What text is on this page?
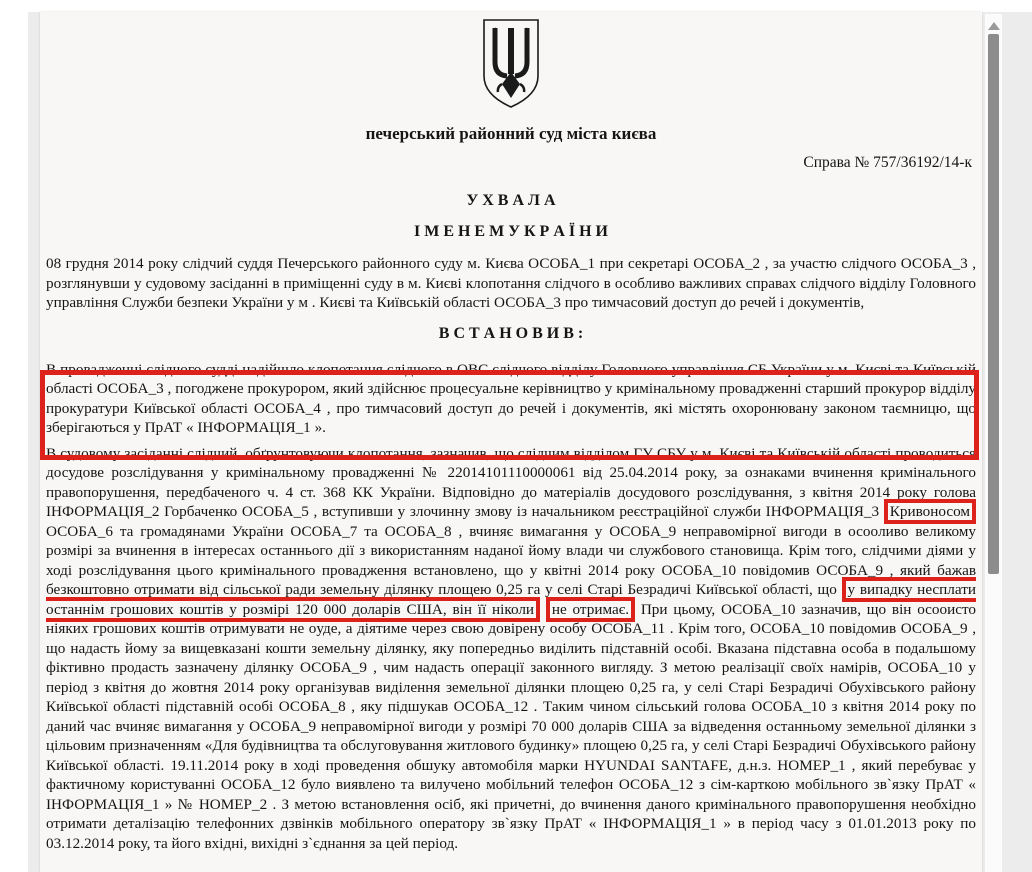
печерський районний суд міста києва
Справа № 757/36192/14-к
У Х В А Л А
І М Е Н Е М У К Р А Ї Н И

08 грудня 2014 року слідчий суддя Печерського районного суду м. Києва ОСОБА_1 при секретарі ОСОБА_2 , за участю слідчого ОСОБА_3 , розглянувши у судовому засіданні в приміщенні суду в м. Києві клопотання слідчого в особливо важливих справах слідчого відділу Головного управління Служби безпеки України у м . Києві та Київській області ОСОБА_3 про тимчасовий доступ до речей і документів,

В С Т А Н О В И В :

В провадженні слідчого судді надійшло клопотання слідчого в ОВС слідчого відділу Головного управління СБ України у м. Києві та Київській області ОСОБА_3 , погоджене прокурором, який здійснює процесуальне керівництво у кримінальному провадженні старший прокурор відділу прокуратури Київської області ОСОБА_4 , про тимчасовий доступ до речей і документів, які містять охоронювану законом таємницю, що зберігаються у ПрАТ « ІНФОРМАЦІЯ_1 ».

В судовому засіданні слідчий, обґрунтовуючи клопотання, зазначив, що слідчим відділом ГУ СБУ у м. Києві та Київській області проводиться досудове розслідування у кримінальному провадженні № 22014101110000061 від 25.04.2014 року, за ознаками вчинення кримінального правопорушення, передбаченого ч. 4 ст. 368 КК України. Відповідно до матеріалів досудового розслідування, з квітня 2014 року голова ІНФОРМАЦІЯ_2 Горбаченко ОСОБА_5 , вступивши у злочинну змову із начальником реєстраційної служби ІНФОРМАЦІЯ_3 Кривоносом ОСОБА_6 та громадянами України ОСОБА_7 та ОСОБА_8 , вчиняє вимагання у ОСОБА_9 неправомірної вигоди в осоoливо великому розмірі за вчинення в інтересах останнього дії з використанням наданої йому влади чи службового становища. Крім того, слідчими діями у ході розслідування цього кримінального провадження встановлено, що у квітні 2014 року ОСОБА_10 повідомив ОСОБА_9 , який бажав безкоштовно отримати від сільської ради земельну ділянку площею 0,25 га у селі Старі Безрадичі Київської області, що у випадку несплати останнім грошових коштів у розмірі 120 000 доларів США, він її ніколи не отримає. При цьому, ОСОБА_10 зазначив, що він осоoисто ніяких грошових коштів отримувати не oуде, а діятиме через свою довірену особу ОСОБА_11 . Крім того, ОСОБА_10 повідомив ОСОБА_9 , що надасть йому за вищевказані кошти земельну ділянку, яку попередньо виділить підставній особі. Вказана підставна особа в подальшому фіктивно продасть зазначену ділянку ОСОБА_9 , чим надасть операції законного вигляду. З метою реалізації своїх намірів, ОСОБА_10 у період з квітня до жовтня 2014 року організував виділення земельної ділянки площею 0,25 га, у селі Старі Безрадичі Обухівського району Київської області підставній особі ОСОБА_8 , яку підшукав ОСОБА_12 . Таким чином сільський голова ОСОБА_10 з квітня 2014 року по даний час вчиняє вимагання у ОСОБА_9 неправомірної вигоди у розмірі 70 000 доларів США за відведення останньому земельної ділянки з цільовим призначенням «Для будівництва та обслуговування житлового будинку» площею 0,25 га, у селі Старі Безрадичі Обухівського району Київської області. 19.11.2014 року в ході проведення обшуку автомобіля марки HYUNDAI SANTAFE, д.н.з. НОМЕР_1 , який перебуває у фактичному користуванні ОСОБА_12 було виявлено та вилучено мобільний телефон ОСОБА_12 з сім-карткою мобільного зв`язку ПрАТ « ІНФОРМАЦІЯ_1 » № НОМЕР_2 . З метою встановлення осіб, які причетні, до вчинення даного кримінального правопорушення необхідно отримати деталізацію телефонних дзвінків мобільного оператору зв`язку ПрАТ « ІНФОРМАЦІЯ_1 » в період часу з 01.01.2013 року по 03.12.2014 року, та його вхідні, вихідні з`єднання за цей період.
